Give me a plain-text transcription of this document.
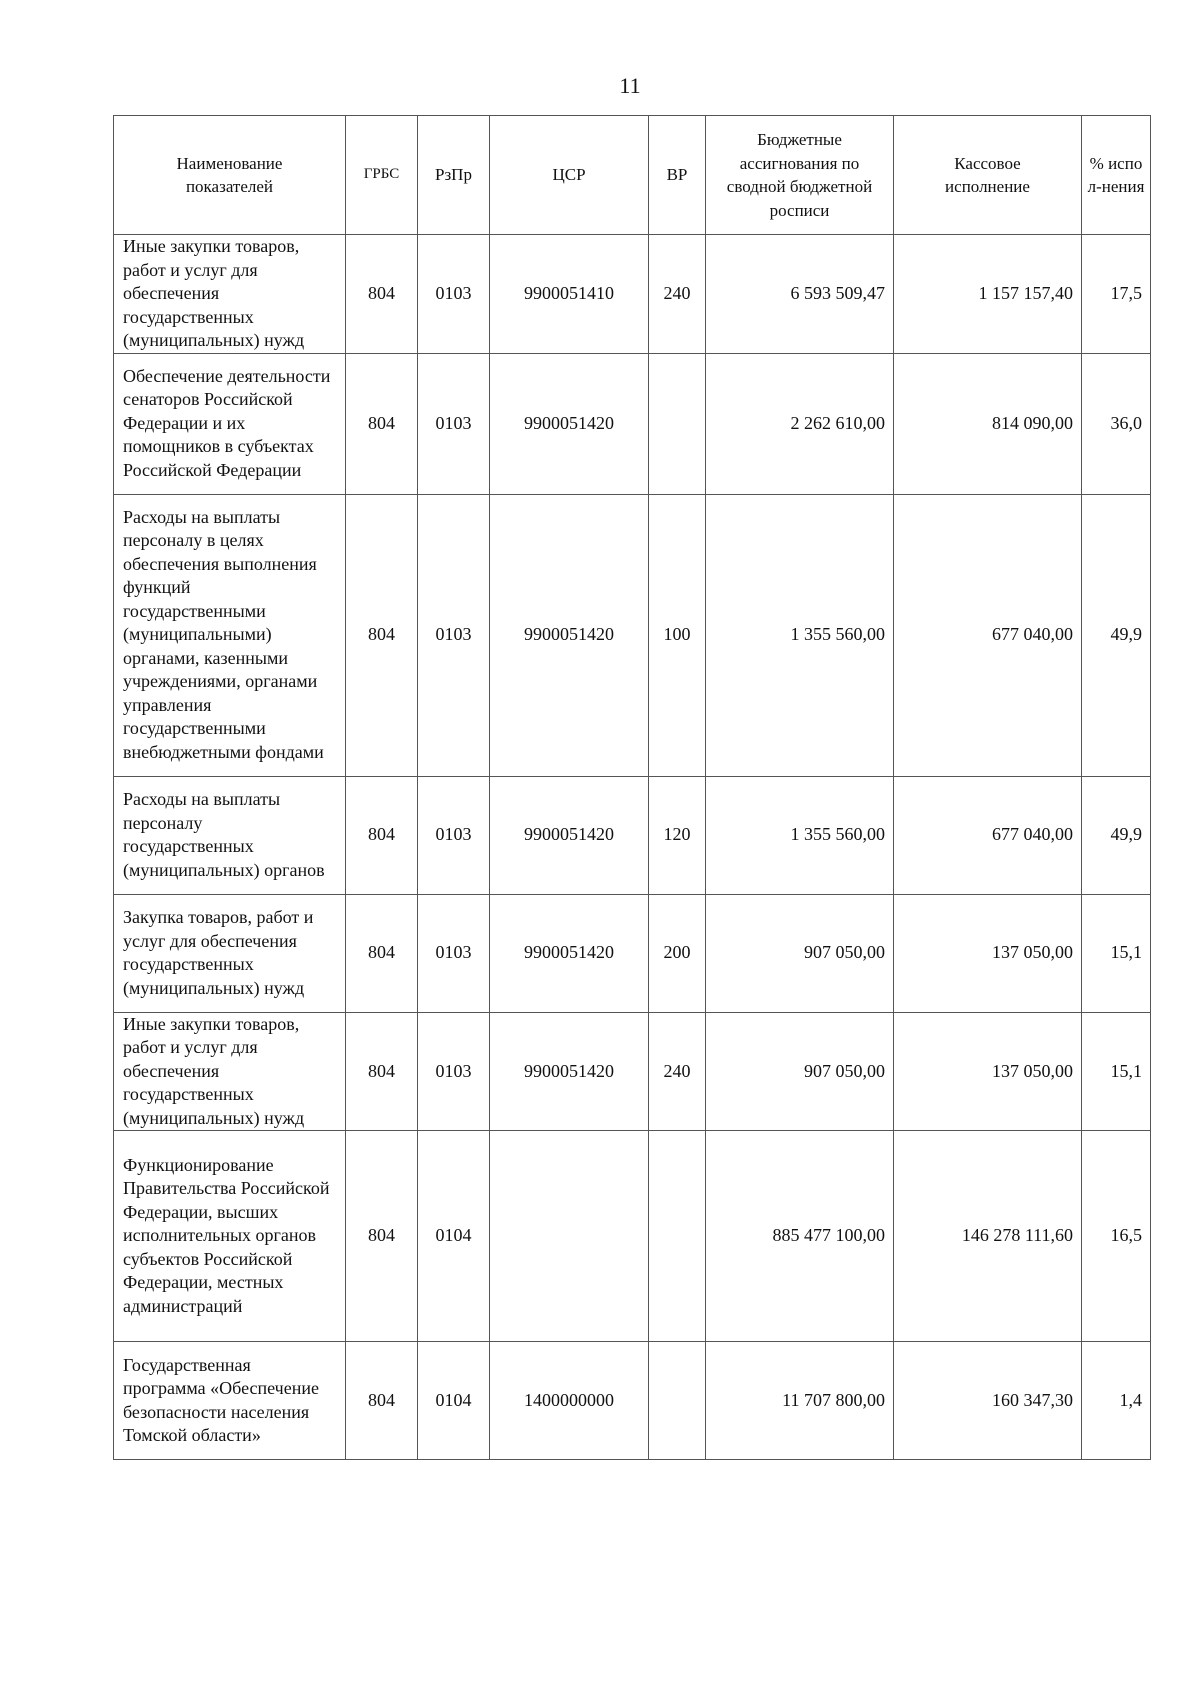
11
Наименование показателей	ГРБС	РзПр	ЦСР	ВР	Бюджетные ассигнования по сводной бюджетной росписи	Кассовое исполнение	% испол-нения
Иные закупки товаров, работ и услуг для обеспечения государственных (муниципальных) нужд	804	0103	9900051410	240	6 593 509,47	1 157 157,40	17,5
Обеспечение деятельности сенаторов Российской Федерации и их помощников в субъектах Российской Федерации	804	0103	9900051420		2 262 610,00	814 090,00	36,0
Расходы на выплаты персоналу в целях обеспечения выполнения функций государственными (муниципальными) органами, казенными учреждениями, органами управления государственными внебюджетными фондами	804	0103	9900051420	100	1 355 560,00	677 040,00	49,9
Расходы на выплаты персоналу государственных (муниципальных) органов	804	0103	9900051420	120	1 355 560,00	677 040,00	49,9
Закупка товаров, работ и услуг для обеспечения государственных (муниципальных) нужд	804	0103	9900051420	200	907 050,00	137 050,00	15,1
Иные закупки товаров, работ и услуг для обеспечения государственных (муниципальных) нужд	804	0103	9900051420	240	907 050,00	137 050,00	15,1
Функционирование Правительства Российской Федерации, высших исполнительных органов субъектов Российской Федерации, местных администраций	804	0104			885 477 100,00	146 278 111,60	16,5
Государственная программа «Обеспечение безопасности населения Томской области»	804	0104	1400000000		11 707 800,00	160 347,30	1,4
